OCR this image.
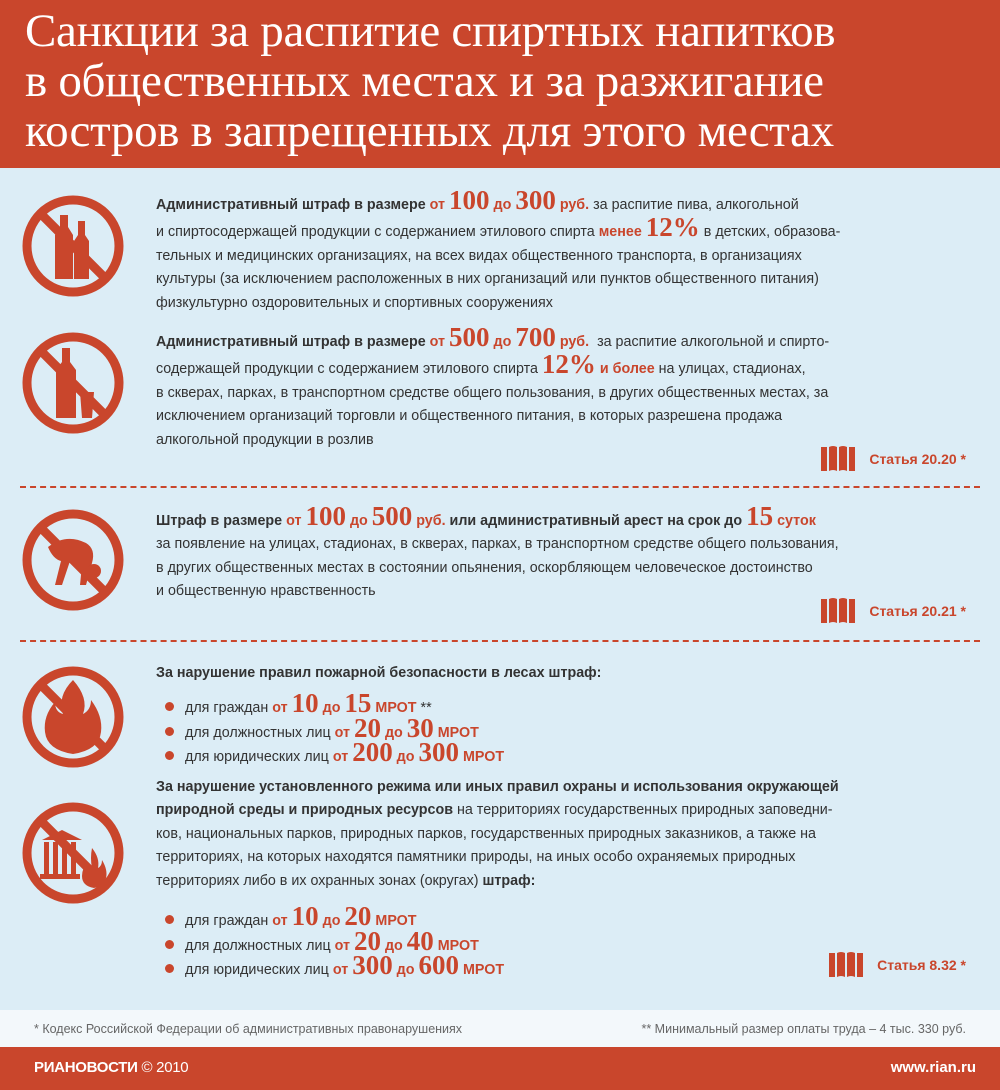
Санкции за распитие спиртных напитков
в общественных местах и за разжигание
костров в запрещенных для этого местах
Административный штраф в размере от 100 до 300 руб. за распитие пива, алкогольной
и спиртосодержащей продукции с содержанием этилового спирта менее 12% в детских, образова-
тельных и медицинских организациях, на всех видах общественного транспорта, в организациях
культуры (за исключением расположенных в них организаций или пунктов общественного питания)
физкультурно оздоровительных и спортивных сооружениях
Административный штраф в размере от 500 до 700 руб. за распитие алкогольной и спирто-
содержащей продукции с содержанием этилового спирта 12% и более на улицах, стадионах,
в скверах, парках, в транспортном средстве общего пользования, в других общественных местах, за
исключением организаций торговли и общественного питания, в которых разрешена продажа
алкогольной продукции в розлив
Статья 20.20 *
Штраф в размере от 100 до 500 руб. или административный арест на срок до 15 суток
за появление на улицах, стадионах, в скверах, парках, в транспортном средстве общего пользования,
в других общественных местах в состоянии опьянения, оскорбляющем человеческое достоинство
и общественную нравственность
Статья 20.21 *
За нарушение правил пожарной безопасности в лесах штраф:
для граждан от 10 до 15 МРОТ **
для должностных лиц от 20 до 30 МРОТ
для юридических лиц от 200 до 300 МРОТ
За нарушение установленного режима или иных правил охраны и использования окружающей
природной среды и природных ресурсов на территориях государственных природных заповедни-
ков, национальных парков, природных парков, государственных природных заказников, а также на
территориях, на которых находятся памятники природы, на иных особо охраняемых природных
территориях либо в их охранных зонах (округах) штраф:
для граждан от 10 до 20 МРОТ
для должностных лиц от 20 до 40 МРОТ
для юридических лиц от 300 до 600 МРОТ	Статья 8.32 *
* Кодекс Российской Федерации об административных правонарушениях	** Минимальный размер оплаты труда – 4 тыс. 330 руб.
РИАНОВОСТИ © 2010	www.rian.ru
